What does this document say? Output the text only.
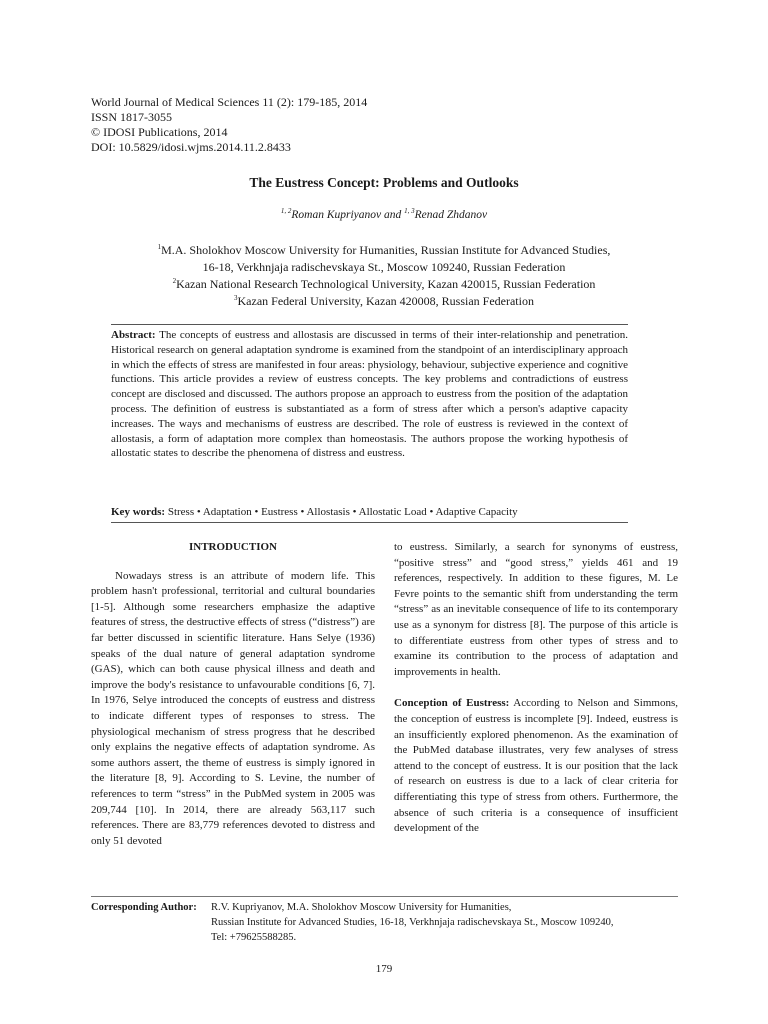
World Journal of Medical Sciences 11 (2): 179-185, 2014
ISSN 1817-3055
© IDOSI Publications, 2014
DOI: 10.5829/idosi.wjms.2014.11.2.8433
The Eustress Concept: Problems and Outlooks
$^{1, 2}$Roman Kupriyanov and $^{1, 3}$Renad Zhdanov
$^1$M.A. Sholokhov Moscow University for Humanities, Russian Institute for Advanced Studies,
16-18, Verkhnjaja radischevskaya St., Moscow 109240, Russian Federation
$^2$Kazan National Research Technological University, Kazan 420015, Russian Federation
$^3$Kazan Federal University, Kazan 420008, Russian Federation
Abstract: The concepts of eustress and allostasis are discussed in terms of their inter-relationship and penetration. Historical research on general adaptation syndrome is examined from the standpoint of an interdisciplinary approach in which the effects of stress are manifested in four areas: physiology, behaviour, subjective experience and cognitive functions. This article provides a review of eustress concepts. The key problems and contradictions of eustress concept are disclosed and discussed. The authors propose an approach to eustress from the position of the adaptation process. The definition of eustress is substantiated as a form of stress after which a person's adaptive capacity increases. The ways and mechanisms of eustress are described. The role of eustress is reviewed in the context of allostasis, a form of adaptation more complex than homeostasis. The authors propose the working hypothesis of allostatic states to describe the phenomena of distress and eustress.
Key words: Stress • Adaptation • Eustress • Allostasis • Allostatic Load • Adaptive Capacity
INTRODUCTION

Nowadays stress is an attribute of modern life. This problem hasn't professional, territorial and cultural boundaries [1-5]. Although some researchers emphasize the adaptive features of stress, the destructive effects of stress (“distress”) are far better discussed in scientific literature. Hans Selye (1936) speaks of the dual nature of general adaptation syndrome (GAS), which can both cause physical illness and death and improve the body's resistance to unfavourable conditions [6, 7]. In 1976, Selye introduced the concepts of eustress and distress to indicate different types of responses to stress. The physiological mechanism of stress progress that he described only explains the negative effects of adaptation syndrome. As some authors assert, the theme of eustress is simply ignored in the literature [8, 9]. According to S. Levine, the number of references to term “stress” in the PubMed system in 2005 was 209,744 [10]. In 2014, there are already 563,117 such references. There are 83,779 references devoted to distress and only 51 devoted

to eustress. Similarly, a search for synonyms of eustress, “positive stress” and “good stress,” yields 461 and 19 references, respectively. In addition to these figures, M. Le Fevre points to the semantic shift from understanding the term “stress” as an inevitable consequence of life to its contemporary use as a synonym for distress [8]. The purpose of this article is to differentiate eustress from other types of stress and to examine its contribution to the process of adaptation and improvements in health.

Conception of Eustress: According to Nelson and Simmons, the conception of eustress is incomplete [9]. Indeed, eustress is an insufficiently explored phenomenon. As the examination of the PubMed database illustrates, very few analyses of stress attend to the concept of eustress. It is our position that the lack of research on eustress is due to a lack of clear criteria for differentiating this type of stress from others. Furthermore, the absence of such criteria is a consequence of insufficient development of the

Corresponding Author:	R.V. Kupriyanov, M.A. Sholokhov Moscow University for Humanities,
Russian Institute for Advanced Studies, 16-18, Verkhnjaja radischevskaya St., Moscow 109240,
Tel: +79625588285.
179
